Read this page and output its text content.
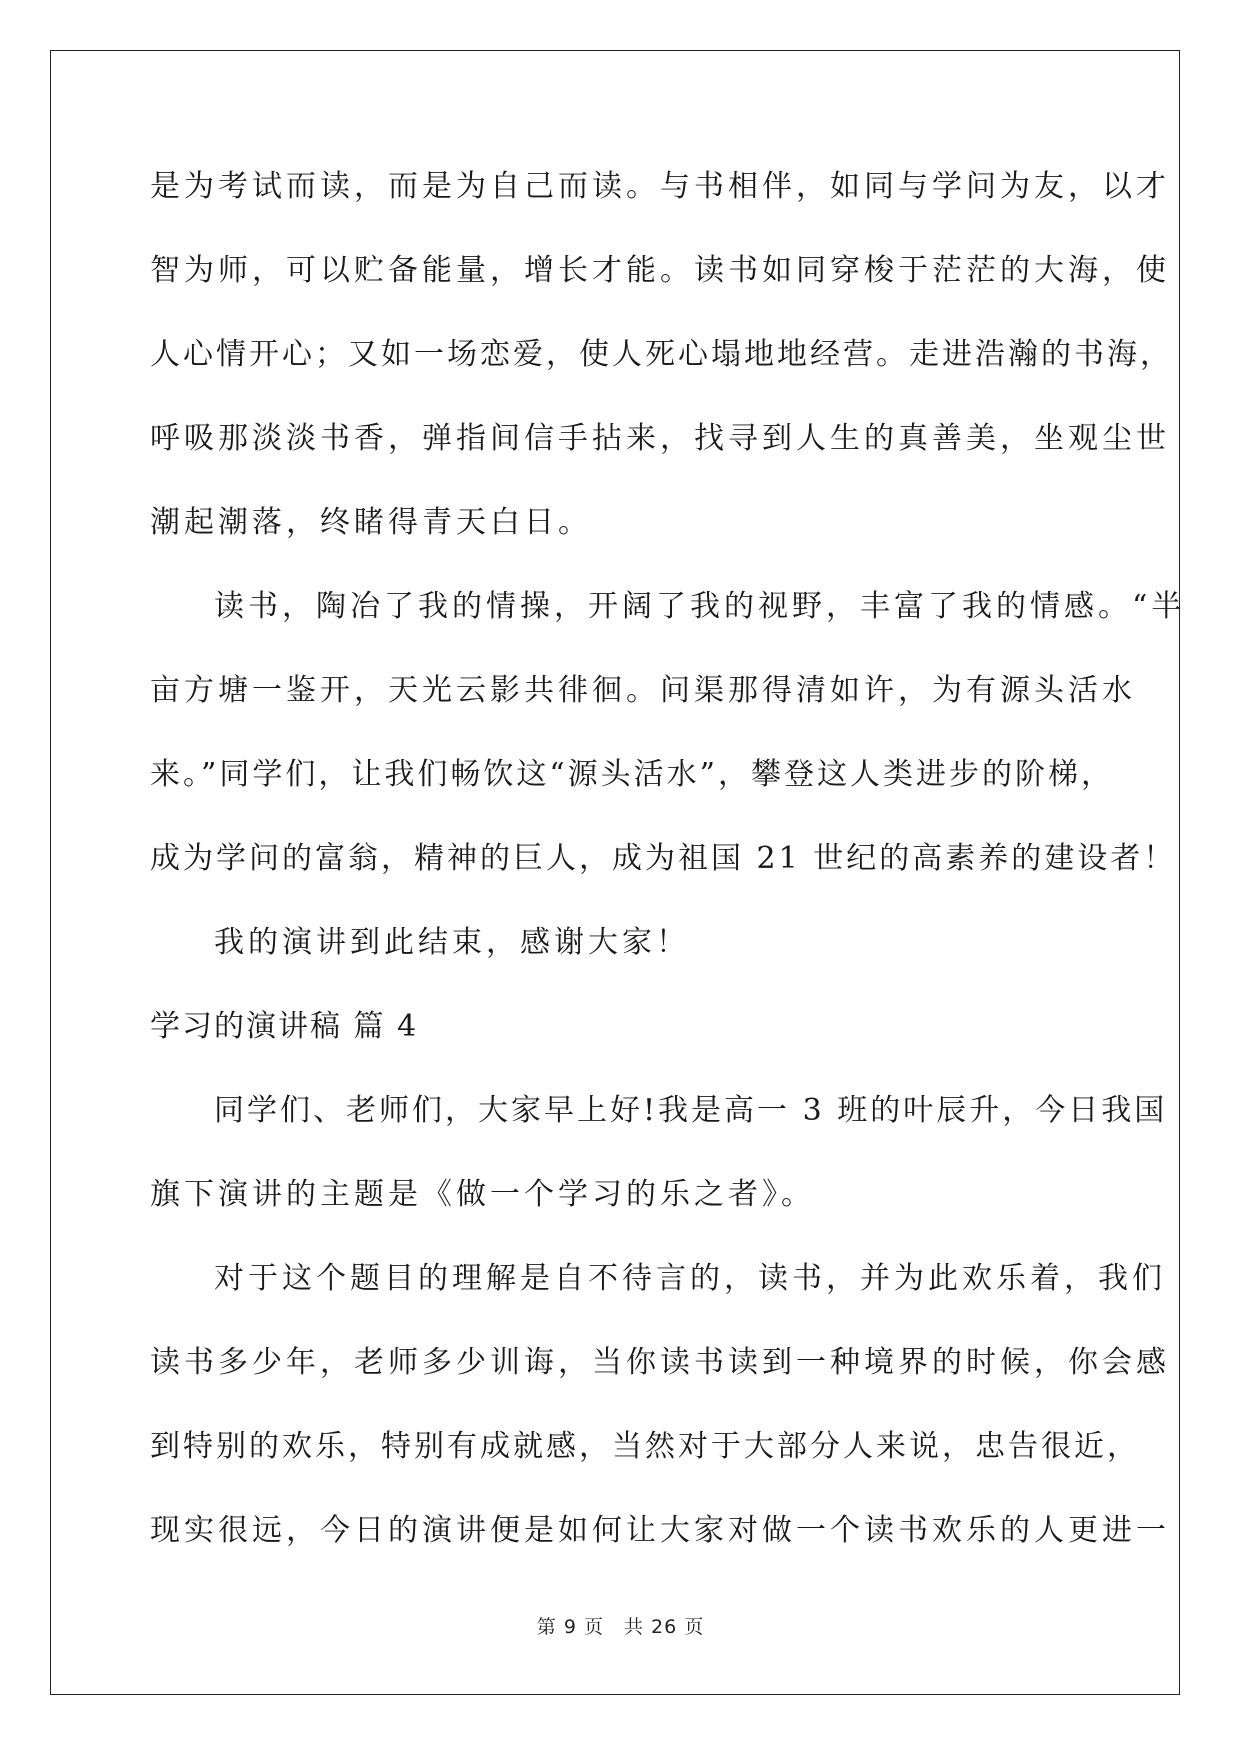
是为考试而读，而是为自己而读。与书相伴，如同与学问为友，以才
智为师，可以贮备能量，增长才能。读书如同穿梭于茫茫的大海，使
人心情开心；又如一场恋爱，使人死心塌地地经营。走进浩瀚的书海，
呼吸那淡淡书香，弹指间信手拈来，找寻到人生的真善美，坐观尘世
潮起潮落，终睹得青天白日。
读书，陶冶了我的情操，开阔了我的视野，丰富了我的情感。“半
亩方塘一鉴开，天光云影共徘徊。问渠那得清如许，为有源头活水
来。”同学们，让我们畅饮这“源头活水”，攀登这人类进步的阶梯，
成为学问的富翁，精神的巨人，成为祖国 21 世纪的高素养的建设者！
我的演讲到此结束，感谢大家！
学习的演讲稿 篇 4
同学们、老师们，大家早上好!我是高一 3 班的叶辰升，今日我国
旗下演讲的主题是《做一个学习的乐之者》。
对于这个题目的理解是自不待言的，读书，并为此欢乐着，我们
读书多少年，老师多少训诲，当你读书读到一种境界的时候，你会感
到特别的欢乐，特别有成就感，当然对于大部分人来说，忠告很近，
现实很远，今日的演讲便是如何让大家对做一个读书欢乐的人更进一
第 9 页　共 26 页
